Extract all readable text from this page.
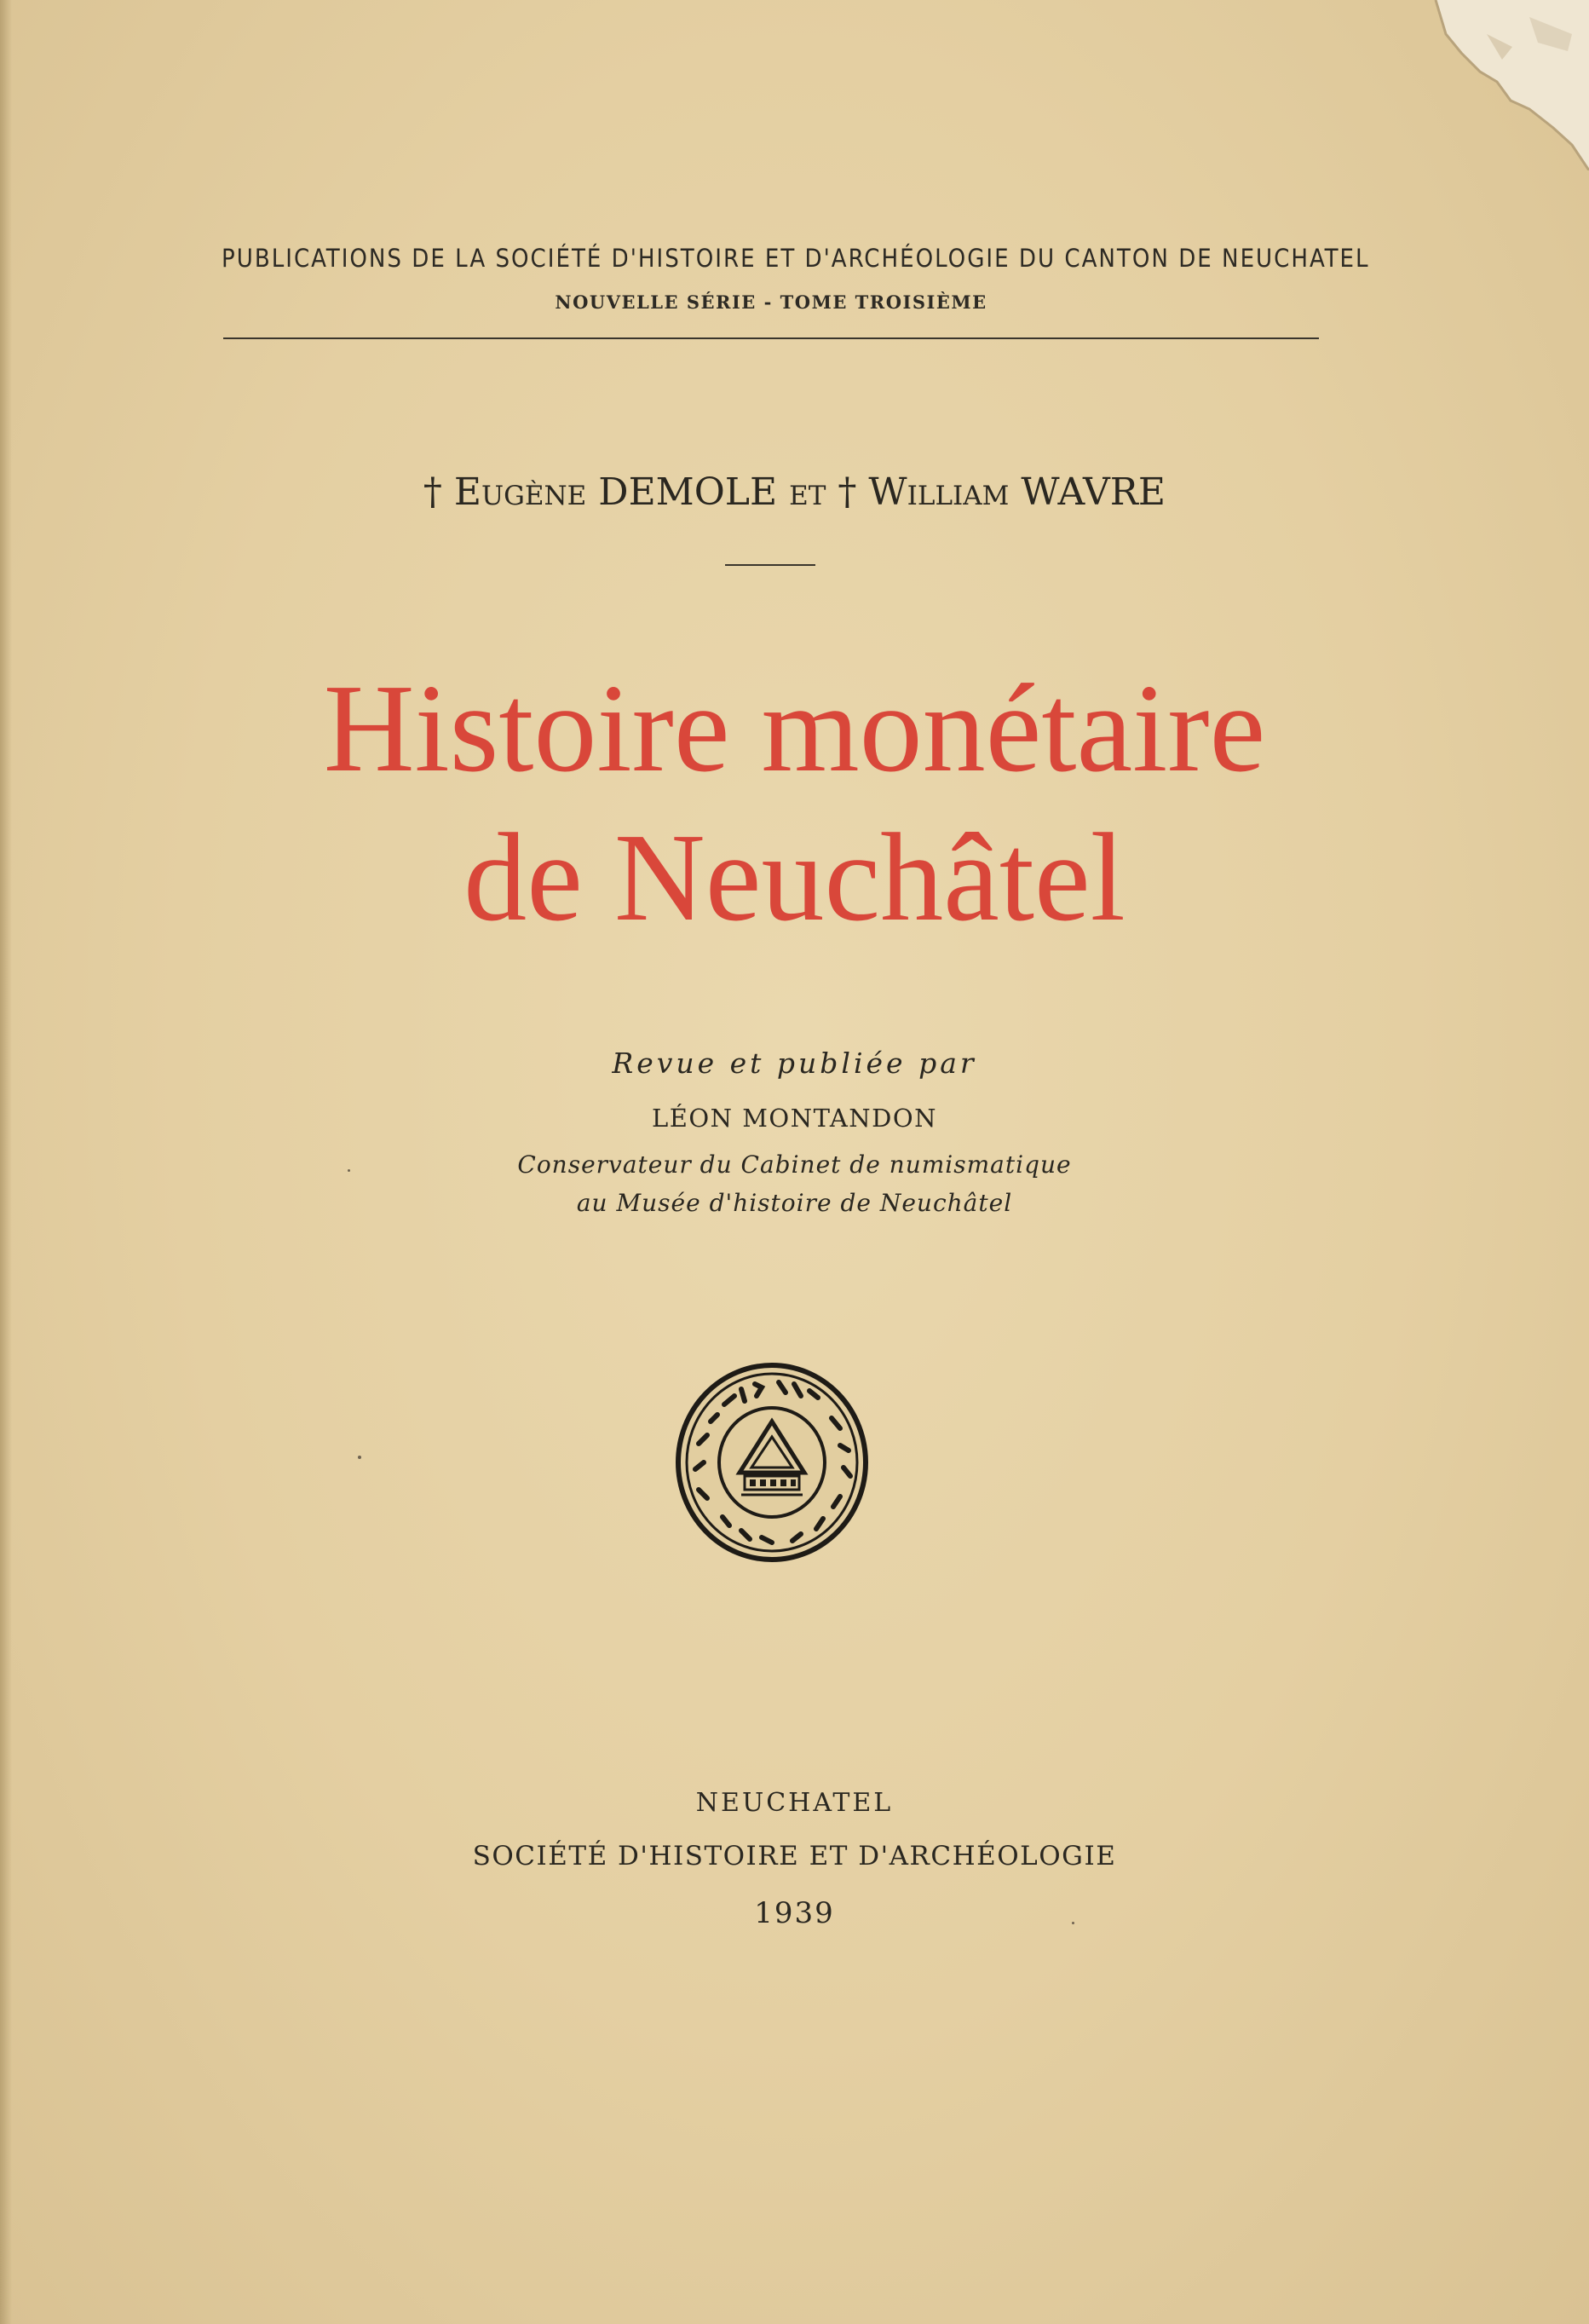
PUBLICATIONS DE LA SOCIÉTÉ D'HISTOIRE ET D'ARCHÉOLOGIE DU CANTON DE NEUCHATEL
NOUVELLE SÉRIE - TOME TROISIÈME
† Eugène DEMOLE et † William WAVRE
Histoire monétaire
de Neuchâtel
Revue et publiée par
LÉON MONTANDON
Conservateur du Cabinet de numismatique
au Musée d'histoire de Neuchâtel
NEUCHATEL
SOCIÉTÉ D'HISTOIRE ET D'ARCHÉOLOGIE
1939
